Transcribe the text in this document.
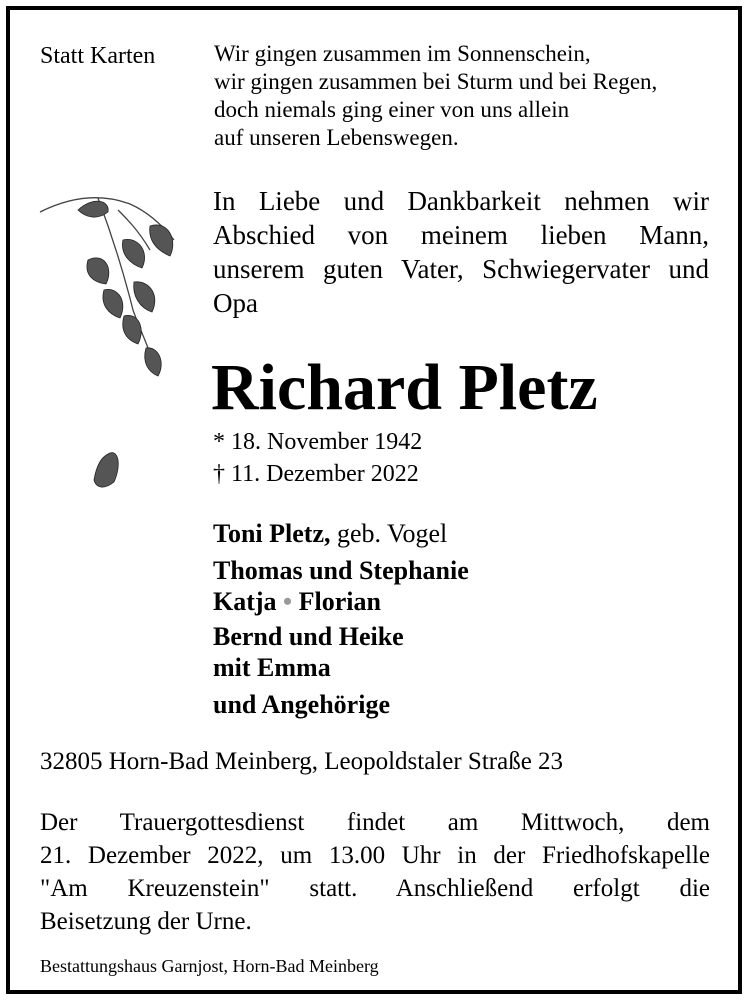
Statt Karten	Wir gingen zusammen im Sonnenschein,
wir gingen zusammen bei Sturm und bei Regen,
doch niemals ging einer von uns allein
auf unseren Lebenswegen.
In Liebe und Dankbarkeit nehmen wir
Abschied von meinem lieben Mann,
unserem guten Vater, Schwiegervater und
Opa
Richard Pletz
* 18. November 1942
† 11. Dezember 2022
Toni Pletz, geb. Vogel
Thomas und Stephanie
Katja • Florian
Bernd und Heike
mit Emma
und Angehörige
32805 Horn-Bad Meinberg, Leopoldstaler Straße 23
Der Trauergottesdienst findet am Mittwoch, dem
21. Dezember 2022, um 13.00 Uhr in der Friedhofskapelle
"Am Kreuzenstein" statt. Anschließend erfolgt die
Beisetzung der Urne.
Bestattungshaus Garnjost, Horn-Bad Meinberg
